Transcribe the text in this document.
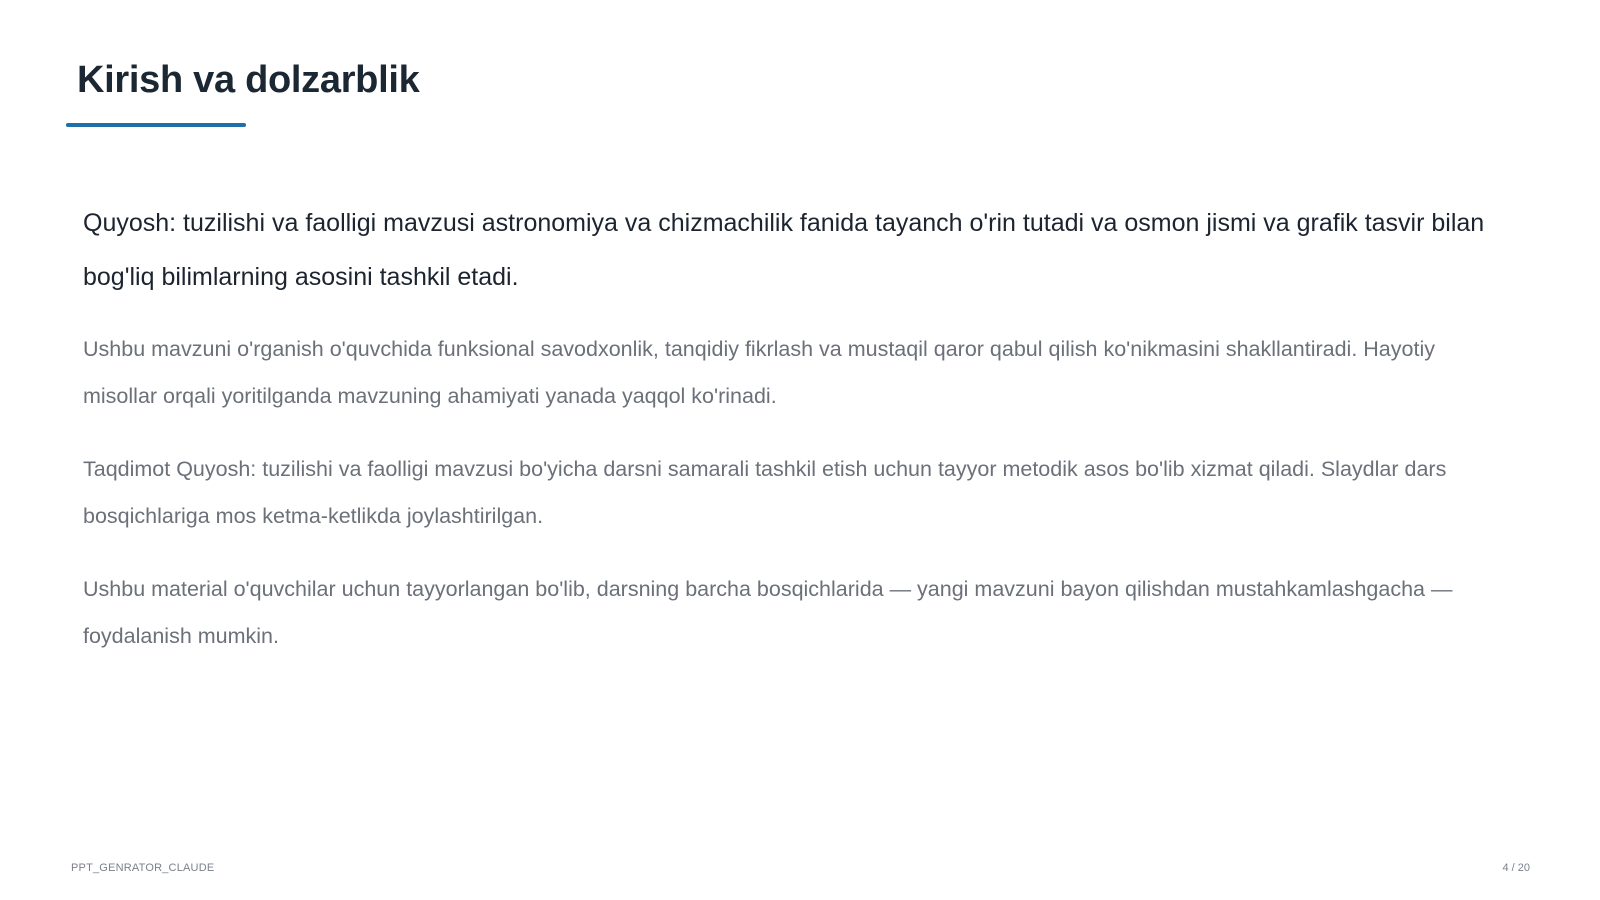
Kirish va dolzarblik

Quyosh: tuzilishi va faolligi mavzusi astronomiya va chizmachilik fanida tayanch o'rin tutadi va osmon jismi va grafik tasvir bilan bog'liq bilimlarning asosini tashkil etadi.

Ushbu mavzuni o'rganish o'quvchida funksional savodxonlik, tanqidiy fikrlash va mustaqil qaror qabul qilish ko'nikmasini shakllantiradi. Hayotiy misollar orqali yoritilganda mavzuning ahamiyati yanada yaqqol ko'rinadi.

Taqdimot Quyosh: tuzilishi va faolligi mavzusi bo'yicha darsni samarali tashkil etish uchun tayyor metodik asos bo'lib xizmat qiladi. Slaydlar dars bosqichlariga mos ketma-ketlikda joylashtirilgan.

Ushbu material o'quvchilar uchun tayyorlangan bo'lib, darsning barcha bosqichlarida — yangi mavzuni bayon qilishdan mustahkamlashgacha — foydalanish mumkin.

PPT_GENRATOR_CLAUDE	4 / 20
